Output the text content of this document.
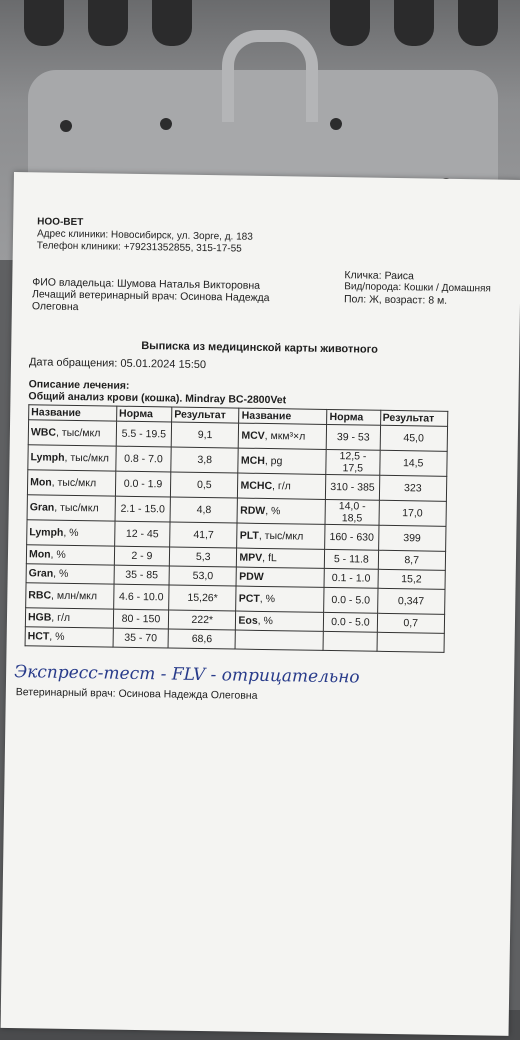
НОО-ВЕТ
Адрес клиники: Новосибирск, ул. Зорге, д. 183
Телефон клиники: +79231352855, 315-17-55
ФИО владельца: Шумова Наталья Викторовна
Лечащий ветеринарный врач: Осинова Надежда
Олеговна
Кличка: Раиса
Вид/порода: Кошки / Домашняя
Пол: Ж, возраст: 8 м.
Выписка из медицинской карты животного
Дата обращения: 05.01.2024 15:50
Описание лечения:
Общий анализ крови (кошка). Mindray BC-2800Vet
Название	Норма	Результат	Название	Норма	Результат
WBC, тыс/мкл	5.5 - 19.5	9,1	MCV, мкм³×л	39 - 53	45,0
Lymph, тыс/мкл	0.8 - 7.0	3,8	MCH, pg	12,5 - 17,5	14,5
Mon, тыс/мкл	0.0 - 1.9	0,5	MCHC, г/л	310 - 385	323
Gran, тыс/мкл	2.1 - 15.0	4,8	RDW, %	14,0 - 18,5	17,0
Lymph, %	12 - 45	41,7	PLT, тыс/мкл	160 - 630	399
Mon, %	2 - 9	5,3	MPV, fL	5 - 11.8	8,7
Gran, %	35 - 85	53,0	PDW	0.1 - 1.0	15,2
RBC, млн/мкл	4.6 - 10.0	15,26*	PCT, %	0.0 - 5.0	0,347
HGB, г/л	80 - 150	222*	Eos, %	0.0 - 5.0	0,7
HCT, %	35 - 70	68,6			
Экспресс-тест - FLV - отрицательно
Ветеринарный врач: Осинова Надежда Олеговна
